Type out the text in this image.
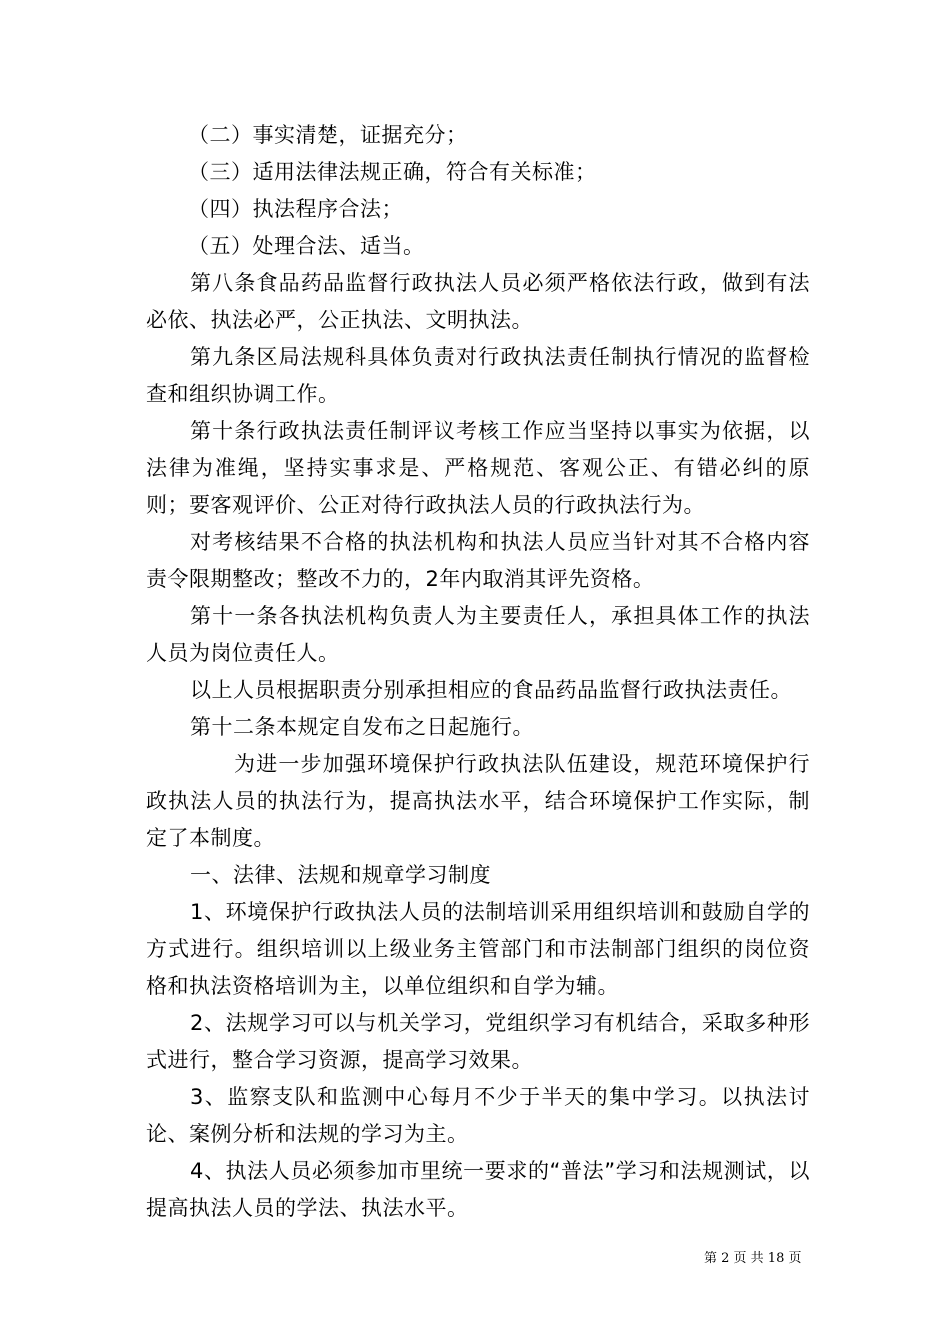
（二）事实清楚，证据充分；

（三）适用法律法规正确，符合有关标准；

（四）执法程序合法；

（五）处理合法、适当。

第八条食品药品监督行政执法人员必须严格依法行政，做到有法必依、执法必严，公正执法、文明执法。

第九条区局法规科具体负责对行政执法责任制执行情况的监督检查和组织协调工作。

第十条行政执法责任制评议考核工作应当坚持以事实为依据，以法律为准绳，坚持实事求是、严格规范、客观公正、有错必纠的原则；要客观评价、公正对待行政执法人员的行政执法行为。

对考核结果不合格的执法机构和执法人员应当针对其不合格内容责令限期整改；整改不力的，2年内取消其评先资格。

第十一条各执法机构负责人为主要责任人，承担具体工作的执法人员为岗位责任人。

以上人员根据职责分别承担相应的食品药品监督行政执法责任。

第十二条本规定自发布之日起施行。

为进一步加强环境保护行政执法队伍建设，规范环境保护行政执法人员的执法行为，提高执法水平，结合环境保护工作实际，制定了本制度。

一、法律、法规和规章学习制度

1、环境保护行政执法人员的法制培训采用组织培训和鼓励自学的方式进行。组织培训以上级业务主管部门和市法制部门组织的岗位资格和执法资格培训为主，以单位组织和自学为辅。

2、法规学习可以与机关学习，党组织学习有机结合，采取多种形式进行，整合学习资源，提高学习效果。

3、监察支队和监测中心每月不少于半天的集中学习。以执法讨论、案例分析和法规的学习为主。

4、执法人员必须参加市里统一要求的“普法”学习和法规测试，以提高执法人员的学法、执法水平。

第 2 页 共 18 页
